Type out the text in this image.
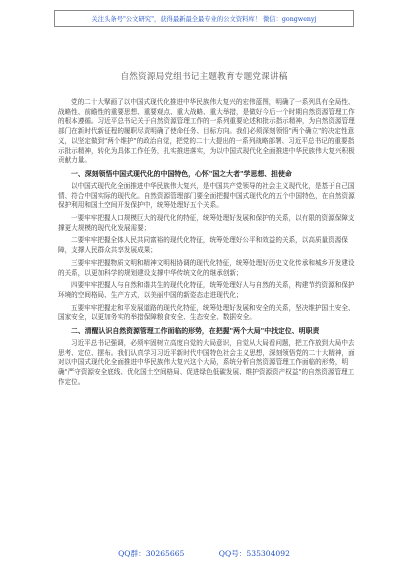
关注头条号"公文研究"，获得最新最全最专业的公文资料库！ 微信：gongwenyj
自然资源局党组书记主题教育专题党课讲稿

党的二十大擘画了以中国式现代化推进中华民族伟大复兴的宏伟蓝图，明确了一系列具有全局性、战略性、前瞻性的重要思想、重要观点、重大战略、重大举措，是做好今后一个时期自然资源管理工作的根本遵循。习近平总书记关于自然资源管理工作的一系列重要论述和批示指示精神，为自然资源管理部门在新时代新征程的履职尽责明确了使命任务、目标方向。我们必须深刻领悟"两个确立"的决定性意义，以坚定做到"两个维护"的政治自觉，把党的二十大提出的一系列战略部署、习近平总书记的重要指示批示精神，转化为具体工作任务，扎实推进落实，为以中国式现代化全面推进中华民族伟大复兴积极贡献力量。

一、深刻领悟中国式现代化的中国特色，心怀"国之大者"学思想、担使命

以中国式现代化全面推进中华民族伟大复兴，是中国共产党领导的社会主义现代化，是基于自己国情、符合中国实际的现代化。自然资源管理部门要全面把握中国式现代化的五个中国特色，在自然资源保护利用和国土空间开发保护中，统筹处理好五个关系。

一要牢牢把握人口规模巨大的现代化的特征，统筹处理好发展和保护的关系，以有限的资源保障支撑更大规模的现代化发展需要；

二要牢牢把握全体人民共同富裕的现代化特征，统筹处理好公平和效益的关系，以高质量资源保障，支撑人民群众共享发展成果；

三要牢牢把握物质文明和精神文明相协调的现代化特征，统筹处理好历史文化传承和城乡开发建设的关系，以更加科学的规划建设支撑中华传统文化的继承创新；

四要牢牢把握人与自然和谐共生的现代化特征，统筹处理好人与自然的关系，构建节约资源和保护环境的空间格局、生产方式，以美丽中国的新姿态走进现代化；

五要牢牢把握走和平发展道路的现代化特征，统筹处理好发展和安全的关系，坚决维护国土安全、国家安全，以更加务实的举措保障粮食安全、生态安全、数据安全。

二、清醒认识自然资源管理工作面临的形势，在把握"两个大局"中找定位、明职责

习近平总书记强调，必须牢固树立高度自觉的大局意识，自觉从大局看问题，把工作放到大局中去思考、定位、摆布。我们认真学习习近平新时代中国特色社会主义思想，深刻领悟党的二十大精神，面对以中国式现代化全面推进中华民族伟大复兴这个大局，系统分析自然资源管理工作面临的形势，明确"严守资源安全底线、优化国土空间格局、促进绿色低碳发展、维护资源资产权益"的自然资源管理工作定位。

QQ群：30265665	QQ号：535304092
